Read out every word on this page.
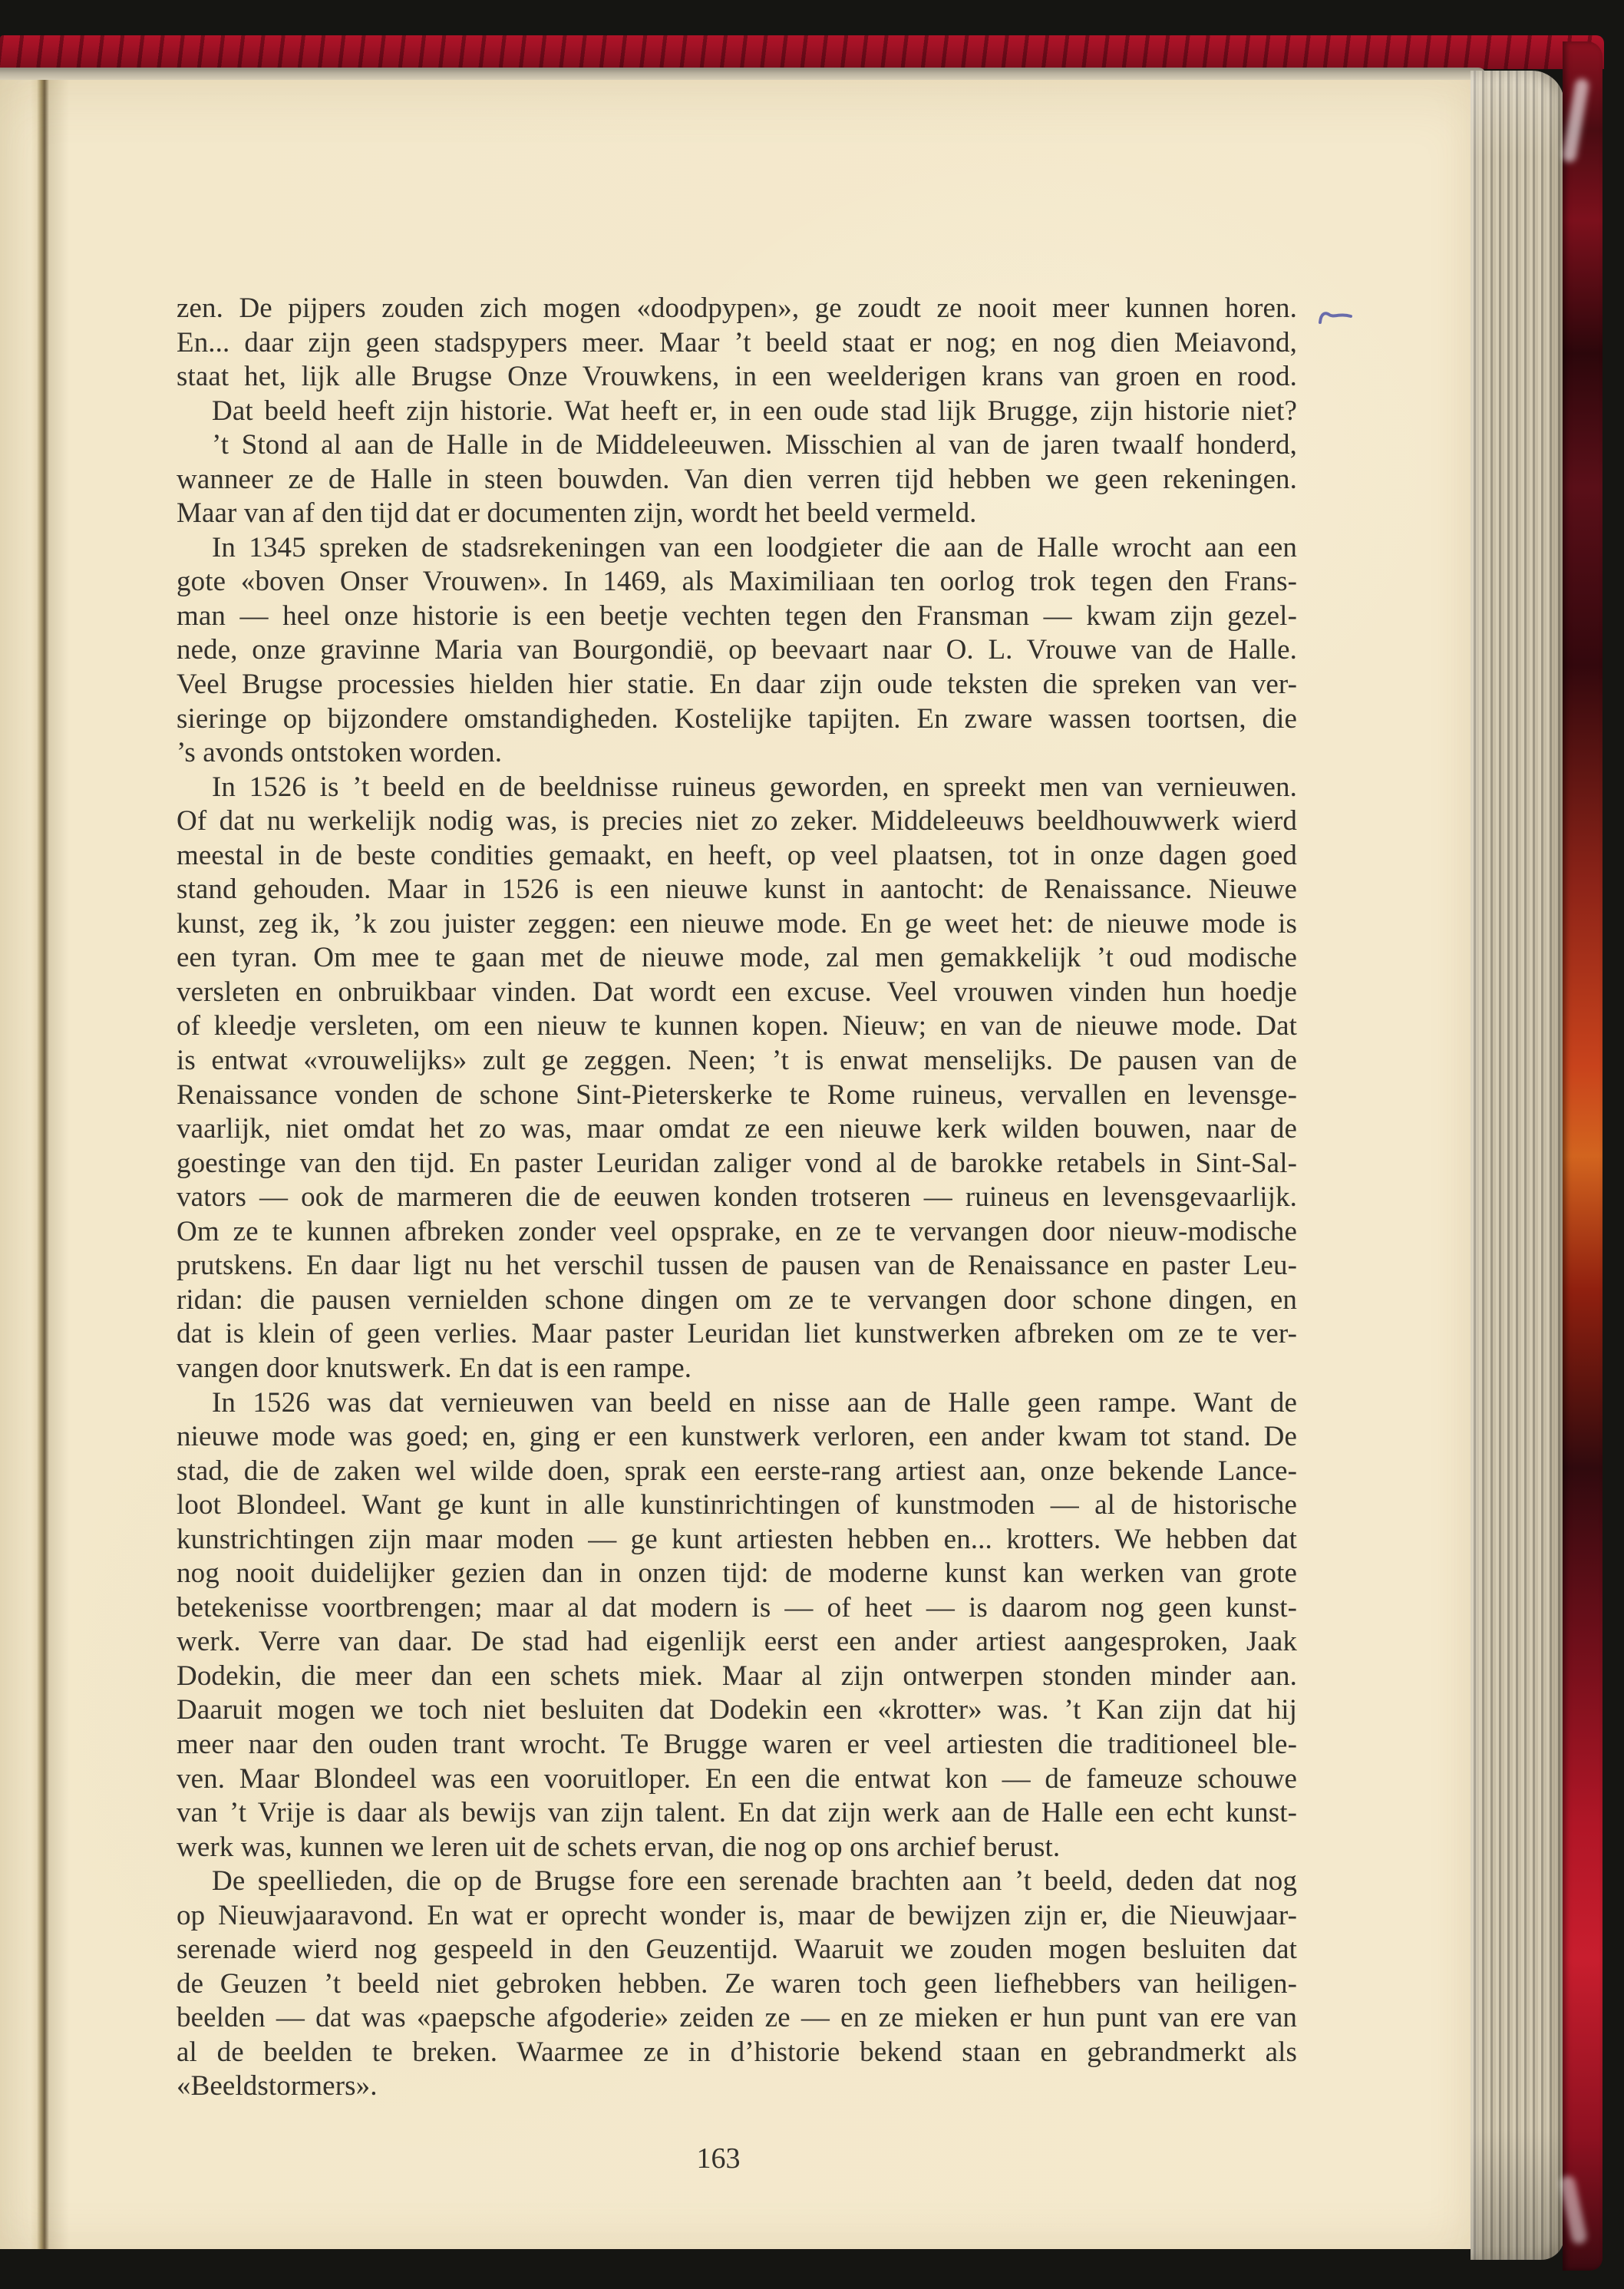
zen. De pijpers zouden zich mogen «doodpypen», ge zoudt ze nooit meer kunnen horen.
En... daar zijn geen stadspypers meer. Maar ’t beeld staat er nog; en nog dien Meiavond,
staat het, lijk alle Brugse Onze Vrouwkens, in een weelderigen krans van groen en rood.
Dat beeld heeft zijn historie. Wat heeft er, in een oude stad lijk Brugge, zijn historie niet?
’t Stond al aan de Halle in de Middeleeuwen. Misschien al van de jaren twaalf honderd,
wanneer ze de Halle in steen bouwden. Van dien verren tijd hebben we geen rekeningen.
Maar van af den tijd dat er documenten zijn, wordt het beeld vermeld.
In 1345 spreken de stadsrekeningen van een loodgieter die aan de Halle wrocht aan een
gote «boven Onser Vrouwen». In 1469, als Maximiliaan ten oorlog trok tegen den Frans-
man — heel onze historie is een beetje vechten tegen den Fransman — kwam zijn gezel-
nede, onze gravinne Maria van Bourgondië, op beevaart naar O. L. Vrouwe van de Halle.
Veel Brugse processies hielden hier statie. En daar zijn oude teksten die spreken van ver-
sieringe op bijzondere omstandigheden. Kostelijke tapijten. En zware wassen toortsen, die
’s avonds ontstoken worden.
In 1526 is ’t beeld en de beeldnisse ruineus geworden, en spreekt men van vernieuwen.
Of dat nu werkelijk nodig was, is precies niet zo zeker. Middeleeuws beeldhouwwerk wierd
meestal in de beste condities gemaakt, en heeft, op veel plaatsen, tot in onze dagen goed
stand gehouden. Maar in 1526 is een nieuwe kunst in aantocht: de Renaissance. Nieuwe
kunst, zeg ik, ’k zou juister zeggen: een nieuwe mode. En ge weet het: de nieuwe mode is
een tyran. Om mee te gaan met de nieuwe mode, zal men gemakkelijk ’t oud modische
versleten en onbruikbaar vinden. Dat wordt een excuse. Veel vrouwen vinden hun hoedje
of kleedje versleten, om een nieuw te kunnen kopen. Nieuw; en van de nieuwe mode. Dat
is entwat «vrouwelijks» zult ge zeggen. Neen; ’t is enwat menselijks. De pausen van de
Renaissance vonden de schone Sint-Pieterskerke te Rome ruineus, vervallen en levensge-
vaarlijk, niet omdat het zo was, maar omdat ze een nieuwe kerk wilden bouwen, naar de
goestinge van den tijd. En paster Leuridan zaliger vond al de barokke retabels in Sint-Sal-
vators — ook de marmeren die de eeuwen konden trotseren — ruineus en levensgevaarlijk.
Om ze te kunnen afbreken zonder veel opsprake, en ze te vervangen door nieuw-modische
prutskens. En daar ligt nu het verschil tussen de pausen van de Renaissance en paster Leu-
ridan: die pausen vernielden schone dingen om ze te vervangen door schone dingen, en
dat is klein of geen verlies. Maar paster Leuridan liet kunstwerken afbreken om ze te ver-
vangen door knutswerk. En dat is een rampe.
In 1526 was dat vernieuwen van beeld en nisse aan de Halle geen rampe. Want de
nieuwe mode was goed; en, ging er een kunstwerk verloren, een ander kwam tot stand. De
stad, die de zaken wel wilde doen, sprak een eerste-rang artiest aan, onze bekende Lance-
loot Blondeel. Want ge kunt in alle kunstinrichtingen of kunstmoden — al de historische
kunstrichtingen zijn maar moden — ge kunt artiesten hebben en... krotters. We hebben dat
nog nooit duidelijker gezien dan in onzen tijd: de moderne kunst kan werken van grote
betekenisse voortbrengen; maar al dat modern is — of heet — is daarom nog geen kunst-
werk. Verre van daar. De stad had eigenlijk eerst een ander artiest aangesproken, Jaak
Dodekin, die meer dan een schets miek. Maar al zijn ontwerpen stonden minder aan.
Daaruit mogen we toch niet besluiten dat Dodekin een «krotter» was. ’t Kan zijn dat hij
meer naar den ouden trant wrocht. Te Brugge waren er veel artiesten die traditioneel ble-
ven. Maar Blondeel was een vooruitloper. En een die entwat kon — de fameuze schouwe
van ’t Vrije is daar als bewijs van zijn talent. En dat zijn werk aan de Halle een echt kunst-
werk was, kunnen we leren uit de schets ervan, die nog op ons archief berust.
De speellieden, die op de Brugse fore een serenade brachten aan ’t beeld, deden dat nog
op Nieuwjaaravond. En wat er oprecht wonder is, maar de bewijzen zijn er, die Nieuwjaar-
serenade wierd nog gespeeld in den Geuzentijd. Waaruit we zouden mogen besluiten dat
de Geuzen ’t beeld niet gebroken hebben. Ze waren toch geen liefhebbers van heiligen-
beelden — dat was «paepsche afgoderie» zeiden ze — en ze mieken er hun punt van ere van
al de beelden te breken. Waarmee ze in d’historie bekend staan en gebrandmerkt als
«Beeldstormers».
163
